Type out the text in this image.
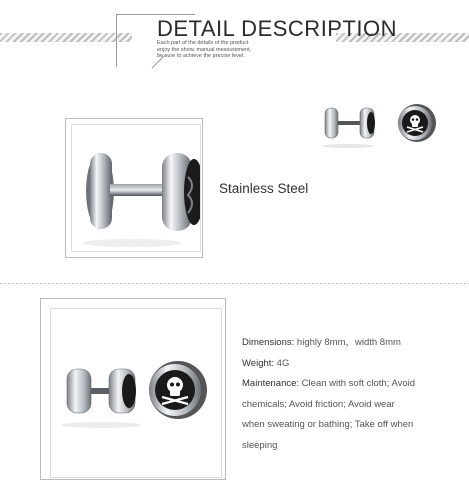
DETAIL DESCRIPTION
Each part of the details of the product
enjoy the show, manual measurement,
be sure to achieve the precise level.
Stainless Steel
Dimensions: highly 8mm，width 8mm
Weight: 4G
Maintenance: Clean with soft cloth; Avoid
chemicals; Avoid friction; Avoid wear
when sweating or bathing; Take off when
sleeping
